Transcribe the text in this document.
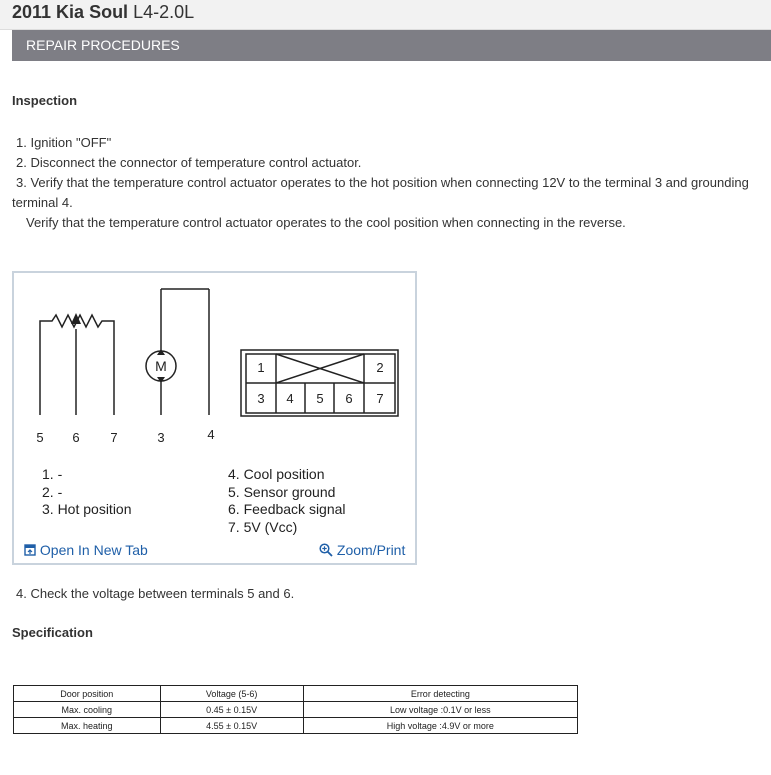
2011 Kia Soul L4-2.0L
REPAIR PROCEDURES
Inspection
1. Ignition "OFF"
2. Disconnect the connector of temperature control actuator.
3. Verify that the temperature control actuator operates to the hot position when connecting 12V to the terminal 3 and grounding terminal 4.
Verify that the temperature control actuator operates to the cool position when connecting in the reverse.
M
5 6 7	3	4
1	2
3 4 5 6 7
1. -
2. -
3. Hot position
4. Cool position
5. Sensor ground
6. Feedback signal
7. 5V (Vcc)
Open In New Tab	Zoom/Print
4. Check the voltage between terminals 5 and 6.
Specification
Door position	Voltage (5-6)	Error detecting
Max. cooling	0.45 ± 0.15V	Low voltage :0.1V or less
Max. heating	4.55 ± 0.15V	High voltage :4.9V or more
